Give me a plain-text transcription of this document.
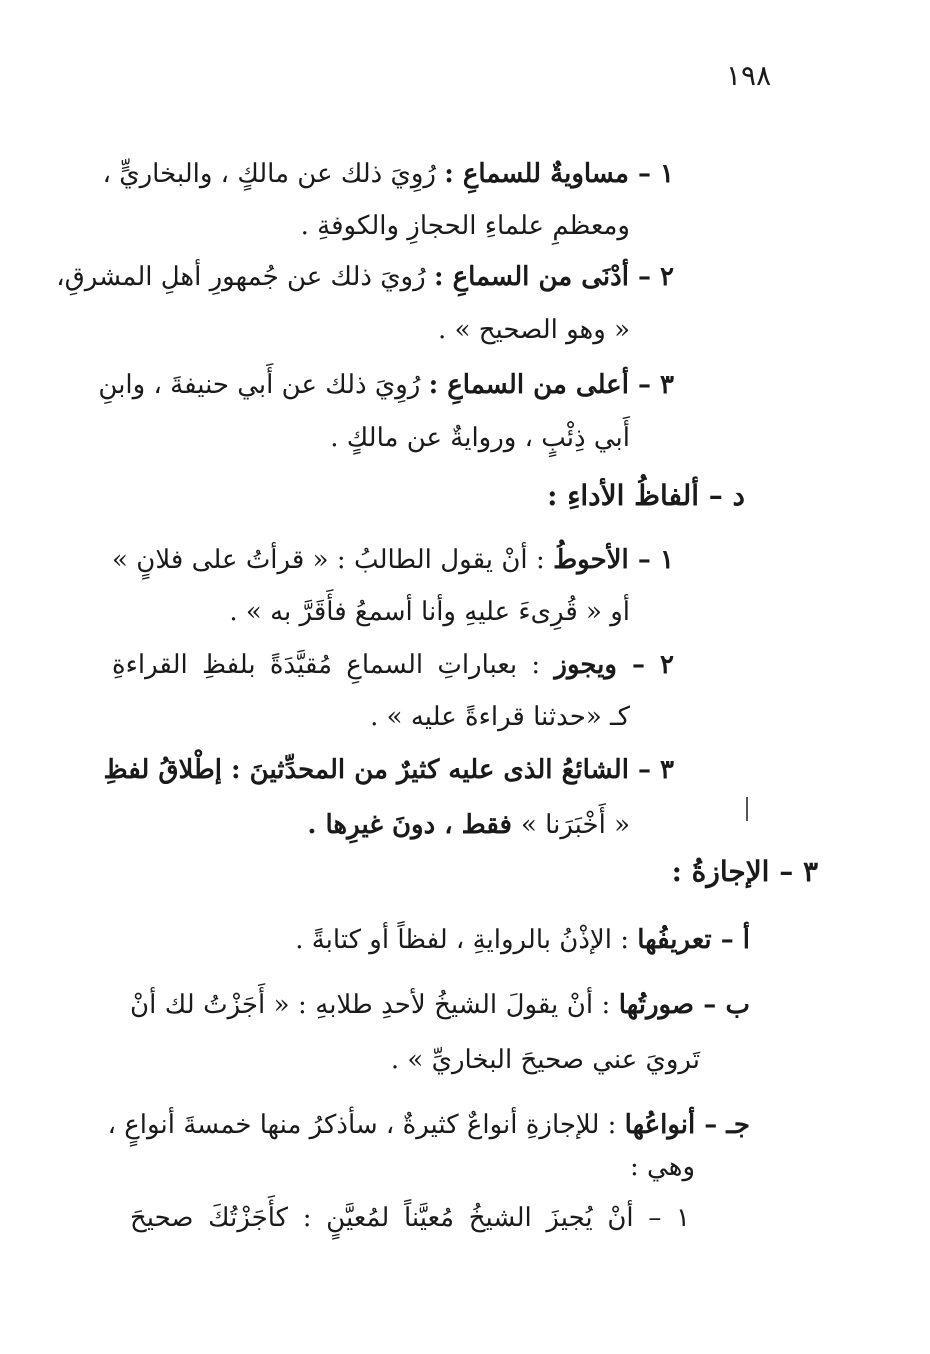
١٩٨
١ – مساويةٌ للسماعِ : رُوِيَ ذلك عن مالكٍ ، والبخاريٍّ ،
ومعظمِ علماءِ الحجازِ والكوفةِ .
٢ – أدْنَى من السماعِ : رُويَ ذلك عن جُمهورِ أهلِ المشرقِ،
« وهو الصحيح » .
٣ – أعلى من السماعِ : رُوِيَ ذلك عن أَبي حنيفةَ ، وابنِ
أَبي ذِئْبٍ ، وروايةٌ عن مالكٍ .
د – ألفاظُ الأداءِ :
١ – الأحوطُ : أنْ يقول الطالبُ : « قرأتُ على فلانٍ »
أو « قُرِىءَ عليهِ وأنا أسمعُ فأَقَرَّ به » .
٢ – ويجوز : بعباراتِ السماعِ مُقيَّدَةً بلفظِ القراءةِ
كـ «حدثنا قراءةً عليه » .
٣ – الشائعُ الذى عليه كثيرٌ من المحدِّثينَ : إطْلاقُ لفظِ
« أَخْبَرَنا » فقط ، دونَ غيرِها .
٣ – الإجازةُ :
أ – تعريفُها : الإذْنُ بالروايةِ ، لفظاً أو كتابةً .
ب – صورتُها : أنْ يقولَ الشيخُ لأحدِ طلابهِ : « أَجَزْتُ لك أنْ
تَرويَ عني صحيحَ البخاريِّ » .
جـ – أنواعُها : للإجازةِ أنواعٌ كثيرةٌ ، سأذكرُ منها خمسةَ أنواعٍ ،
وهي :
١ – أنْ يُجيزَ الشيخُ مُعيَّناً لمُعيَّنٍ : كأَجَزْتُكَ صحيحَ
